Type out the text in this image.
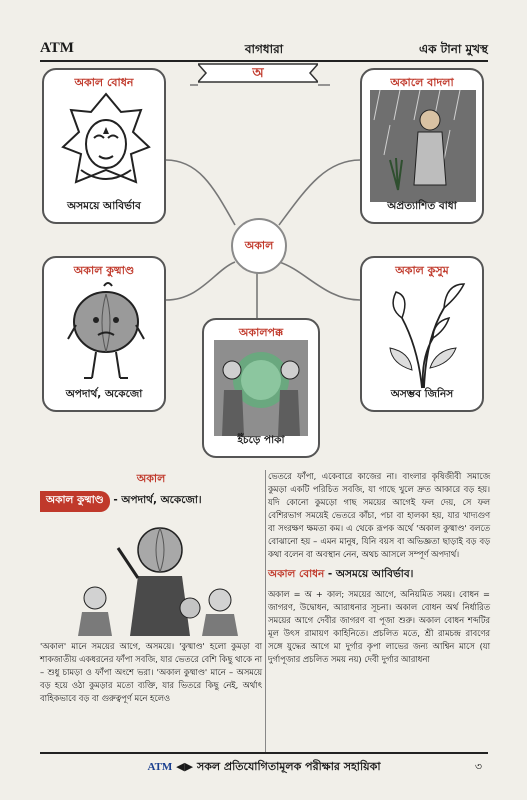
ATM	বাগধারা	এক টানা মুখস্থ
অ
অকাল
অকাল বোধন
অসময়ে আবির্ভাব
অকালে বাদলা
অপ্রত্যাশিত বাধা
অকাল কুষ্মাণ্ড
অপদার্থ, অকেজো
অকালপক্ক
ইঁচড়ে পাকা
অকাল কুসুম
অসম্ভব জিনিস
অকাল
অকাল কুষ্মাণ্ড - অপদার্থ, অকেজো।
'অকাল' মানে সময়ের আগে, অসময়ে। 'কুষ্মাণ্ড' হলো কুমড়া বা শাকজাতীয় একধরনের ফাঁপা সবজি, যার ভেতরে বেশি কিছু থাকে না – শুধু চামড়া ও ফাঁপা অংশে ভরা। 'অকাল কুষ্মাণ্ড' মানে – অসময়ে বড় হয়ে ওঠা কুমড়ার মতো ব্যক্তি, যার ভিতরে কিছু নেই, অর্থাৎ বাহিকভাবে বড় বা গুরুত্বপূর্ণ মনে হলেও
ভেতরে ফাঁপা, একেবারে কাজের না। বাংলার কৃষিজীবী সমাজে কুমড়া একটি পরিচিত সবজি, যা গাছে খুলে দ্রুত আকারে বড় হয়। যদি কোনো কুমড়ো গাছ সময়ের আগেই ফল দেয়, সে ফল বেশিরভাগ সময়েই ভেতরে কাঁচা, পচা বা হালকা হয়, যার খাদ্যগুণ বা সংরক্ষণ ক্ষমতা কম। এ থেকে রূপক অর্থে 'অকাল কুষ্মাণ্ড' বলতে বোঝানো হয় – এমন মানুষ, যিনি বয়স বা অভিজ্ঞতা ছাড়াই বড় বড় কথা বলেন বা অবস্থান নেন, অথচ আসলে সম্পূর্ণ অপদার্থ।
অকাল বোধন - অসময়ে আবির্ভাব।
অকাল = অ + কাল; সময়ের আগে, অনিয়মিত সময়। বোধন = জাগরণ, উদ্বোধন, আরাধনার সূচনা। অকাল বোধন অর্থ নির্ধারিত সময়ের আগে দেবীর জাগরণ বা পূজা শুরু। অকাল বোধন শব্দটির মূল উৎস রামায়ণ কাহিনিতে। প্রচলিত মতে, শ্রী রামচন্দ্র রাবণের সঙ্গে যুদ্ধের আগে মা দুর্গার কৃপা লাভের জন্য আশ্বিন মাসে (যা দুর্গাপূজার প্রচলিত সময় নয়) দেবী দুর্গার আরাধনা
ATM ◀▶ সকল প্রতিযোগিতামূলক পরীক্ষার সহায়িকা	৩
